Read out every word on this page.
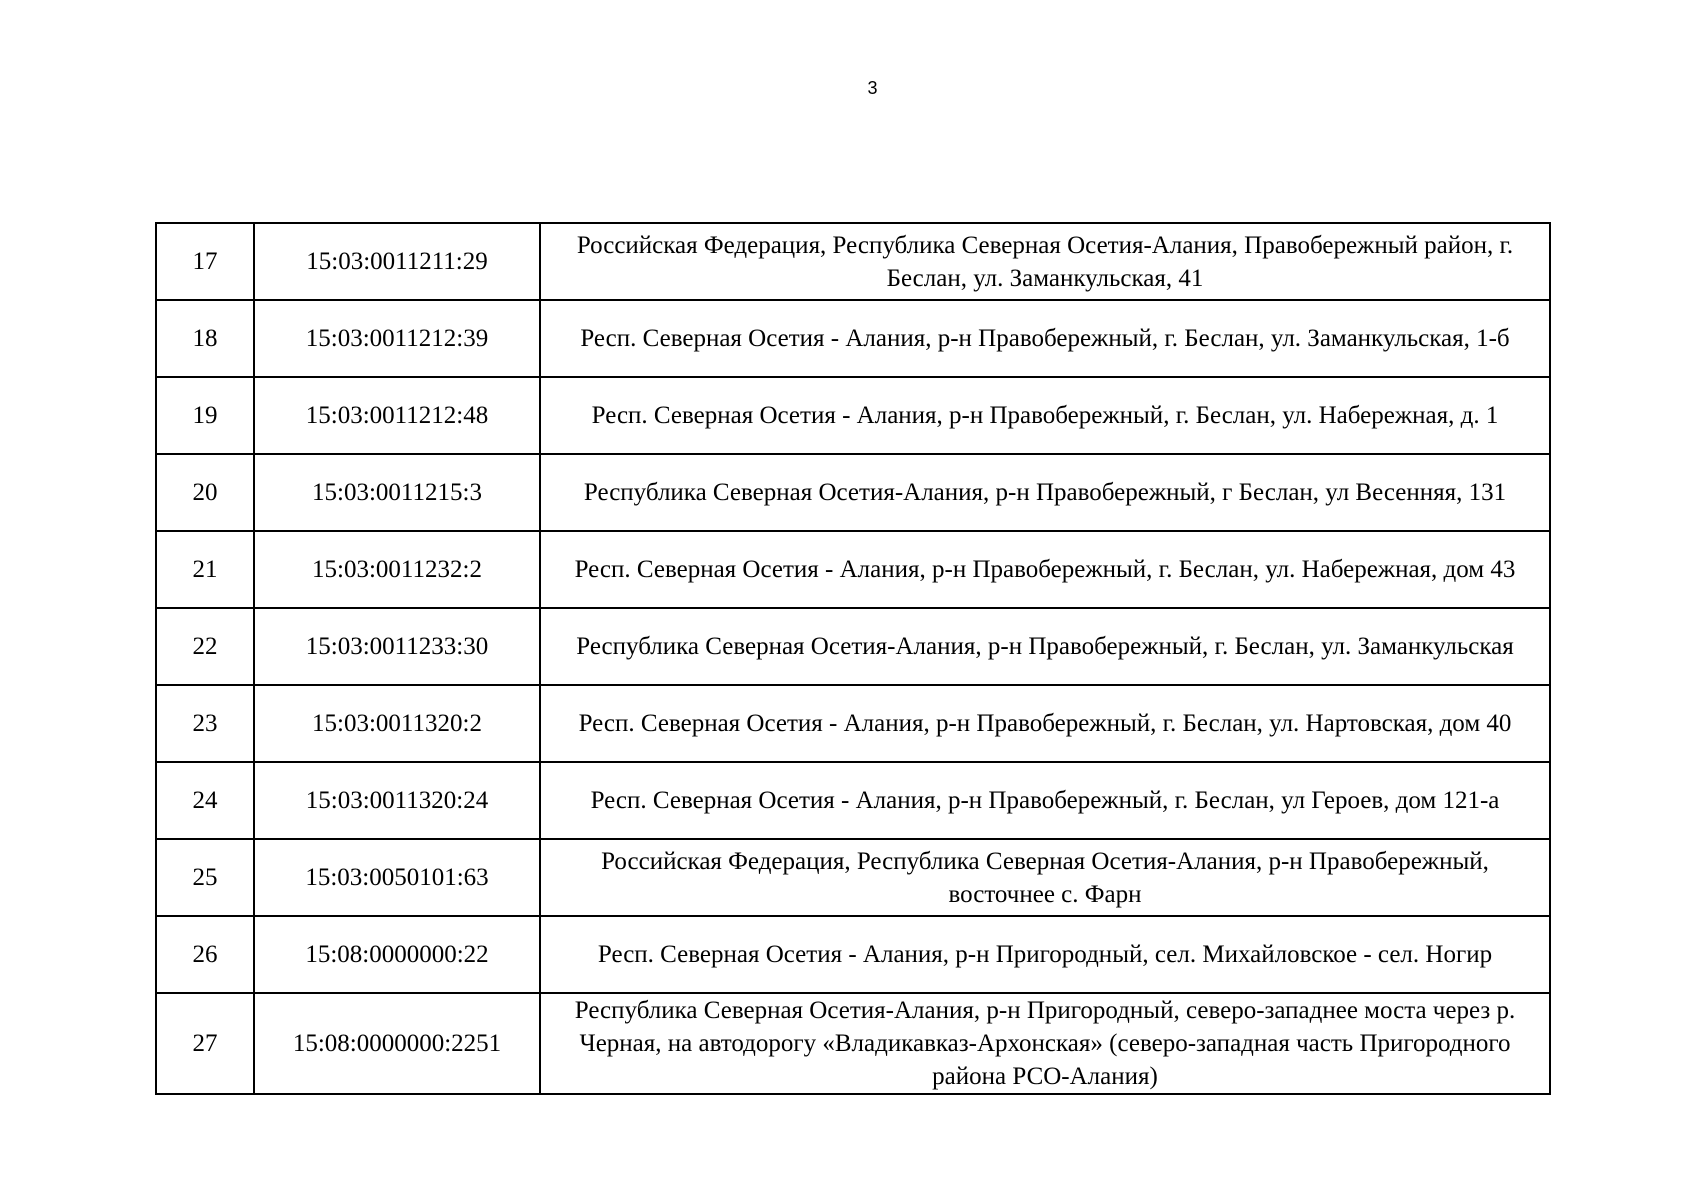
3
17	15:03:0011211:29	Российская Федерация, Республика Северная Осетия-Алания, Правобережный район, г. Беслан, ул. Заманкульская, 41
18	15:03:0011212:39	Респ. Северная Осетия - Алания, р-н Правобережный, г. Беслан, ул. Заманкульская, 1-б
19	15:03:0011212:48	Респ. Северная Осетия - Алания, р-н Правобережный, г. Беслан, ул. Набережная, д. 1
20	15:03:0011215:3	Республика Северная Осетия-Алания, р-н Правобережный, г Беслан, ул Весенняя, 131
21	15:03:0011232:2	Респ. Северная Осетия - Алания, р-н Правобережный, г. Беслан, ул. Набережная, дом 43
22	15:03:0011233:30	Республика Северная Осетия-Алания, р-н Правобережный, г. Беслан, ул. Заманкульская
23	15:03:0011320:2	Респ. Северная Осетия - Алания, р-н Правобережный, г. Беслан, ул. Нартовская, дом 40
24	15:03:0011320:24	Респ. Северная Осетия - Алания, р-н Правобережный, г. Беслан, ул Героев, дом 121-а
25	15:03:0050101:63	Российская Федерация, Республика Северная Осетия-Алания, р-н Правобережный, восточнее с. Фарн
26	15:08:0000000:22	Респ. Северная Осетия - Алания, р-н Пригородный, сел. Михайловское - сел. Ногир
27	15:08:0000000:2251	Республика Северная Осетия-Алания, р-н Пригородный, северо-западнее моста через р. Черная, на автодорогу «Владикавказ-Архонская» (северо-западная часть Пригородного района РСО-Алания)
